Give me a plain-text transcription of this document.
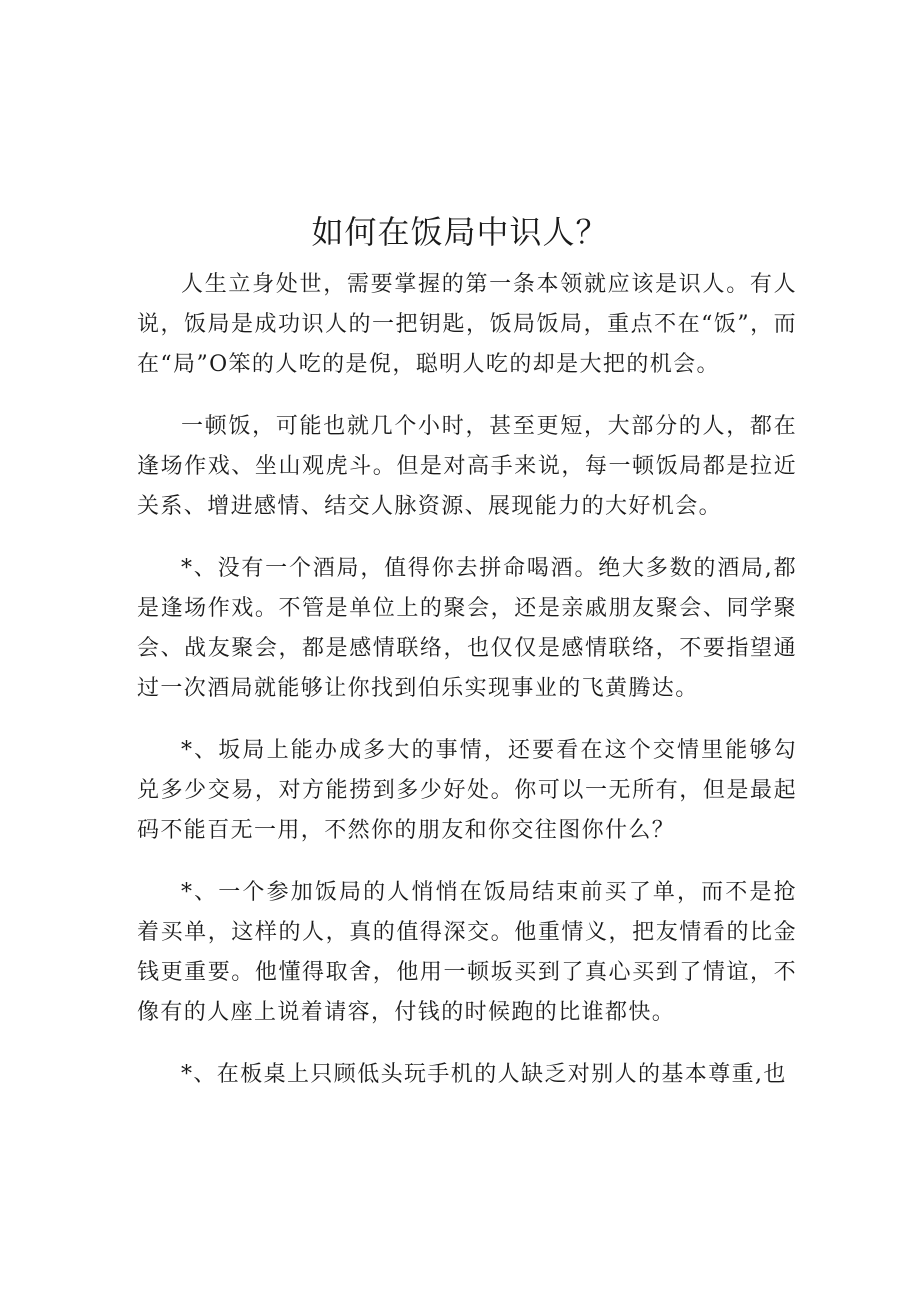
如何在饭局中识人？

人生立身处世，需要掌握的第一条本领就应该是识人。有人说，饭局是成功识人的一把钥匙，饭局饭局，重点不在“饭”，而在“局”O笨的人吃的是倪，聪明人吃的却是大把的机会。

一顿饭，可能也就几个小时，甚至更短，大部分的人，都在逢场作戏、坐山观虎斗。但是对高手来说，每一顿饭局都是拉近关系、增进感情、结交人脉资源、展现能力的大好机会。

*、没有一个酒局，值得你去拼命喝酒。绝大多数的酒局,都是逢场作戏。不管是单位上的聚会，还是亲戚朋友聚会、同学聚会、战友聚会，都是感情联络，也仅仅是感情联络，不要指望通过一次酒局就能够让你找到伯乐实现事业的飞黄腾达。

*、坂局上能办成多大的事情，还要看在这个交情里能够勾兑多少交易，对方能捞到多少好处。你可以一无所有，但是最起码不能百无一用，不然你的朋友和你交往图你什么？

*、一个参加饭局的人悄悄在饭局结束前买了单，而不是抢着买单，这样的人，真的值得深交。他重情义，把友情看的比金钱更重要。他懂得取舍，他用一顿坂买到了真心买到了情谊，不像有的人座上说着请容，付钱的时候跑的比谁都快。

*、在板桌上只顾低头玩手机的人缺乏对别人的基本尊重,也
